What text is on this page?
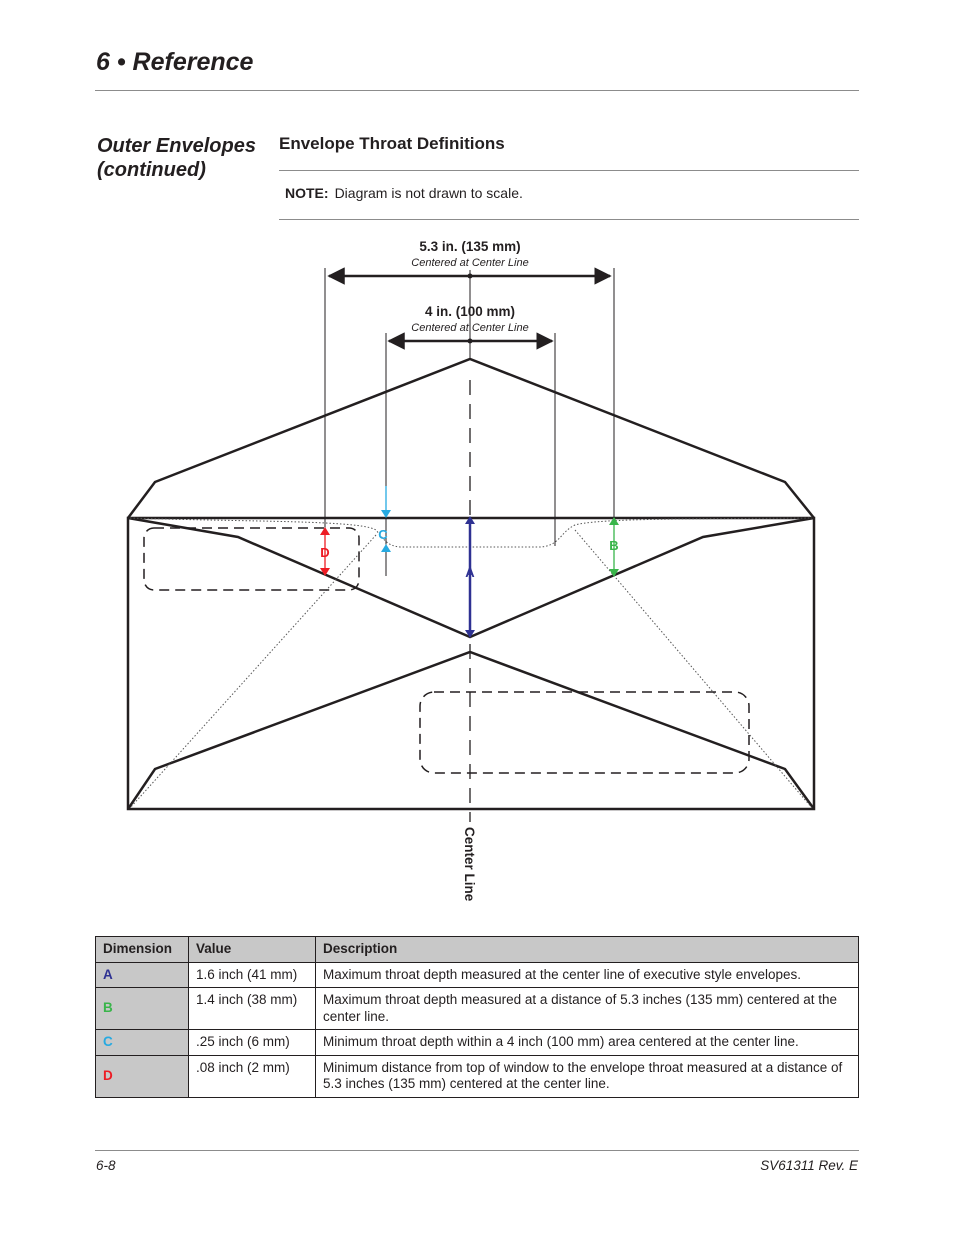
6 • Reference
Outer Envelopes (continued)
Envelope Throat Definitions
NOTE: Diagram is not drawn to scale.
5.3 in. (135 mm)
Centered at Center Line
4 in. (100 mm)
Centered at Center Line
Center Line
A
B
C
D
Dimension	Value	Description
A	1.6 inch (41 mm)	Maximum throat depth measured at the center line of executive style envelopes.
B	1.4 inch (38 mm)	Maximum throat depth measured at a distance of 5.3 inches (135 mm) centered at the center line.
C	.25 inch (6 mm)	Minimum throat depth within a 4 inch (100 mm) area centered at the center line.
D	.08 inch (2 mm)	Minimum distance from top of window to the envelope throat measured at a distance of 5.3 inches (135 mm) centered at the center line.
6-8	SV61311 Rev. E
